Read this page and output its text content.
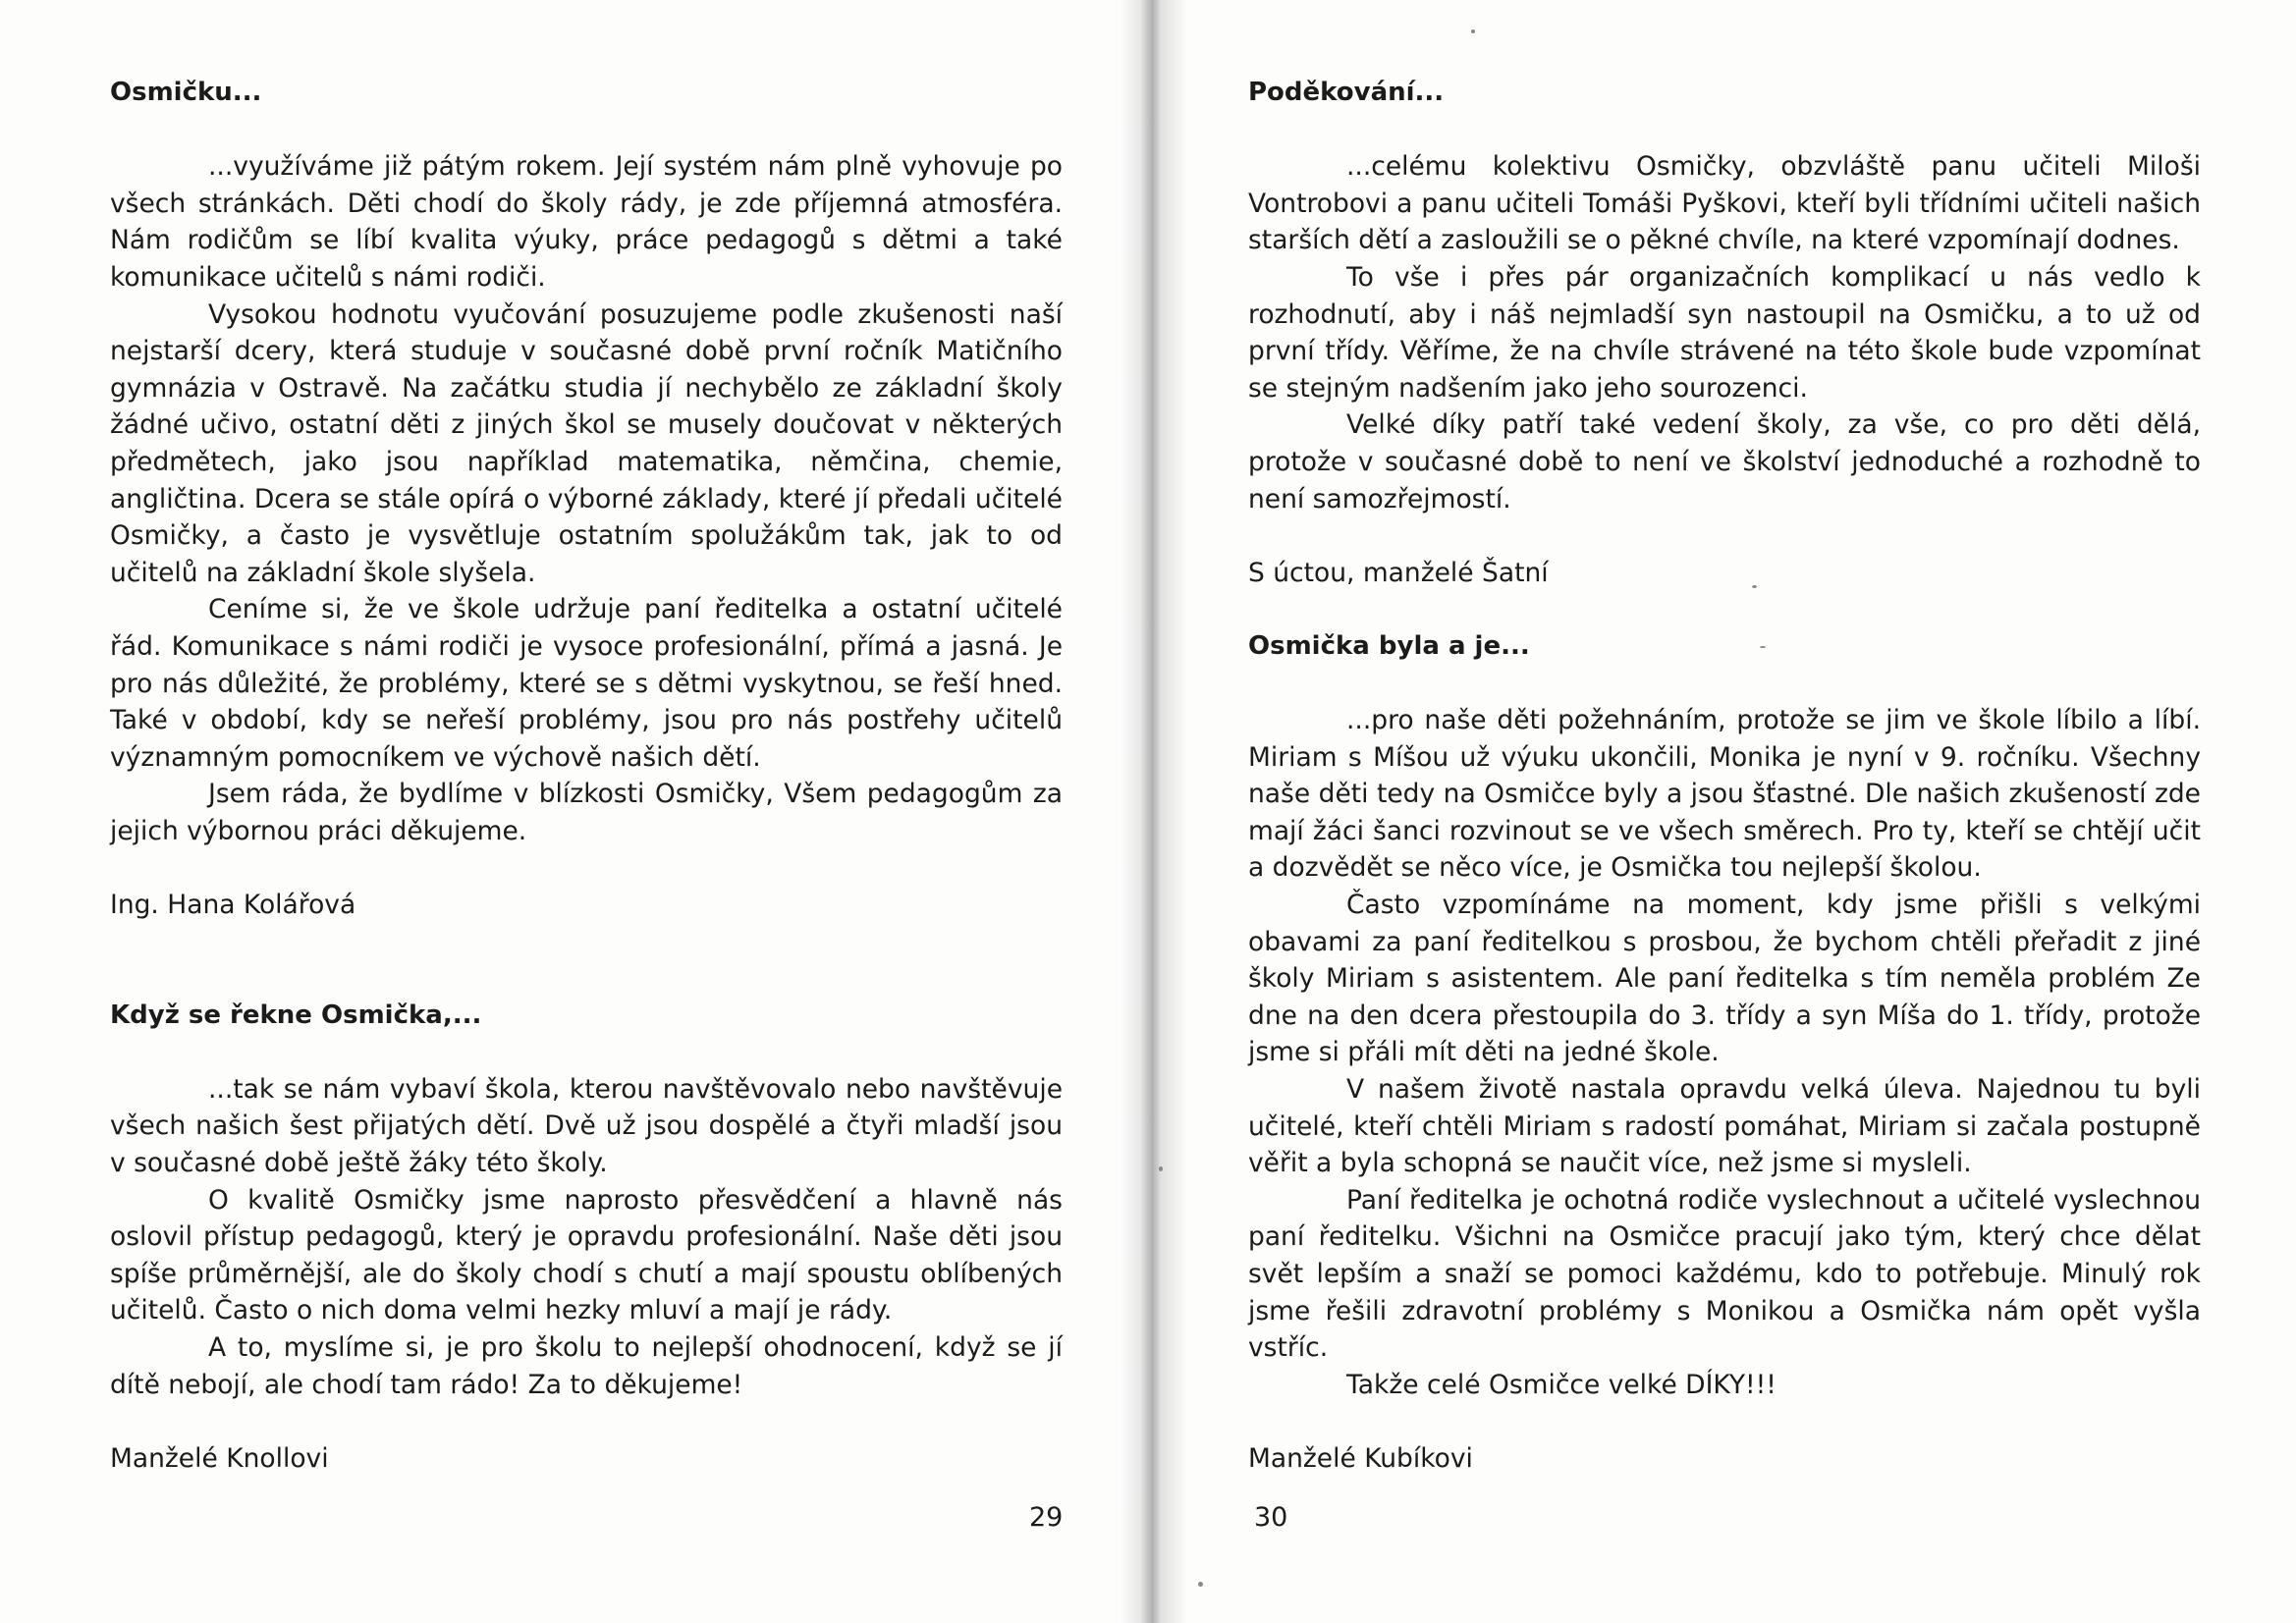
Osmičku...

...využíváme již pátým rokem. Její systém nám plně vyhovuje po všech stránkách. Děti chodí do školy rády, je zde příjemná atmosféra. Nám rodičům se líbí kvalita výuky, práce pedagogů s dětmi a také komunikace učitelů s námi rodiči.

Vysokou hodnotu vyučování posuzujeme podle zkušenosti naší nejstarší dcery, která studuje v současné době první ročník Matičního gymnázia v Ostravě. Na začátku studia jí nechybělo ze základní školy žádné učivo, ostatní děti z jiných škol se musely doučovat v některých předmětech, jako jsou například matematika, němčina, chemie, angličtina. Dcera se stále opírá o výborné základy, které jí předali učitelé Osmičky, a často je vysvětluje ostatním spolužákům tak, jak to od učitelů na základní škole slyšela.

Ceníme si, že ve škole udržuje paní ředitelka a ostatní učitelé řád. Komunikace s námi rodiči je vysoce profesionální, přímá a jasná. Je pro nás důležité, že problémy, které se s dětmi vyskytnou, se řeší hned. Také v období, kdy se neřeší problémy, jsou pro nás postřehy učitelů významným pomocníkem ve výchově našich dětí.

Jsem ráda, že bydlíme v blízkosti Osmičky, Všem pedagogům za jejich výbornou práci děkujeme.

Ing. Hana Kolářová

Když se řekne Osmička,...

...tak se nám vybaví škola, kterou navštěvovalo nebo navštěvuje všech našich šest přijatých dětí. Dvě už jsou dospělé a čtyři mladší jsou v současné době ještě žáky této školy.

O kvalitě Osmičky jsme naprosto přesvědčení a hlavně nás oslovil přístup pedagogů, který je opravdu profesionální. Naše děti jsou spíše průměrnější, ale do školy chodí s chutí a mají spoustu oblíbených učitelů. Často o nich doma velmi hezky mluví a mají je rády.

A to, myslíme si, je pro školu to nejlepší ohodnocení, když se jí dítě nebojí, ale chodí tam rádo! Za to děkujeme!

Manželé Knollovi

29

Poděkování...

...celému kolektivu Osmičky, obzvláště panu učiteli Miloši Vontrobovi a panu učiteli Tomáši Pyškovi, kteří byli třídními učiteli našich starších dětí a zasloužili se o pěkné chvíle, na které vzpomínají dodnes.

To vše i přes pár organizačních komplikací u nás vedlo k rozhodnutí, aby i náš nejmladší syn nastoupil na Osmičku, a to už od první třídy. Věříme, že na chvíle strávené na této škole bude vzpomínat se stejným nadšením jako jeho sourozenci.

Velké díky patří také vedení školy, za vše, co pro děti dělá, protože v současné době to není ve školství jednoduché a rozhodně to není samozřejmostí.

S úctou, manželé Šatní

Osmička byla a je...

...pro naše děti požehnáním, protože se jim ve škole líbilo a líbí. Miriam s Míšou už výuku ukončili, Monika je nyní v 9. ročníku. Všechny naše děti tedy na Osmičce byly a jsou šťastné. Dle našich zkušeností zde mají žáci šanci rozvinout se ve všech směrech. Pro ty, kteří se chtějí učit a dozvědět se něco více, je Osmička tou nejlepší školou.

Často vzpomínáme na moment, kdy jsme přišli s velkými obavami za paní ředitelkou s prosbou, že bychom chtěli přeřadit z jiné školy Miriam s asistentem. Ale paní ředitelka s tím neměla problém Ze dne na den dcera přestoupila do 3. třídy a syn Míša do 1. třídy, protože jsme si přáli mít děti na jedné škole.

V našem životě nastala opravdu velká úleva. Najednou tu byli učitelé, kteří chtěli Miriam s radostí pomáhat, Miriam si začala postupně věřit a byla schopná se naučit více, než jsme si mysleli.

Paní ředitelka je ochotná rodiče vyslechnout a učitelé vyslechnou paní ředitelku. Všichni na Osmičce pracují jako tým, který chce dělat svět lepším a snaží se pomoci každému, kdo to potřebuje. Minulý rok jsme řešili zdravotní problémy s Monikou a Osmička nám opět vyšla vstříc.

Takže celé Osmičce velké DÍKY!!!

Manželé Kubíkovi

30
